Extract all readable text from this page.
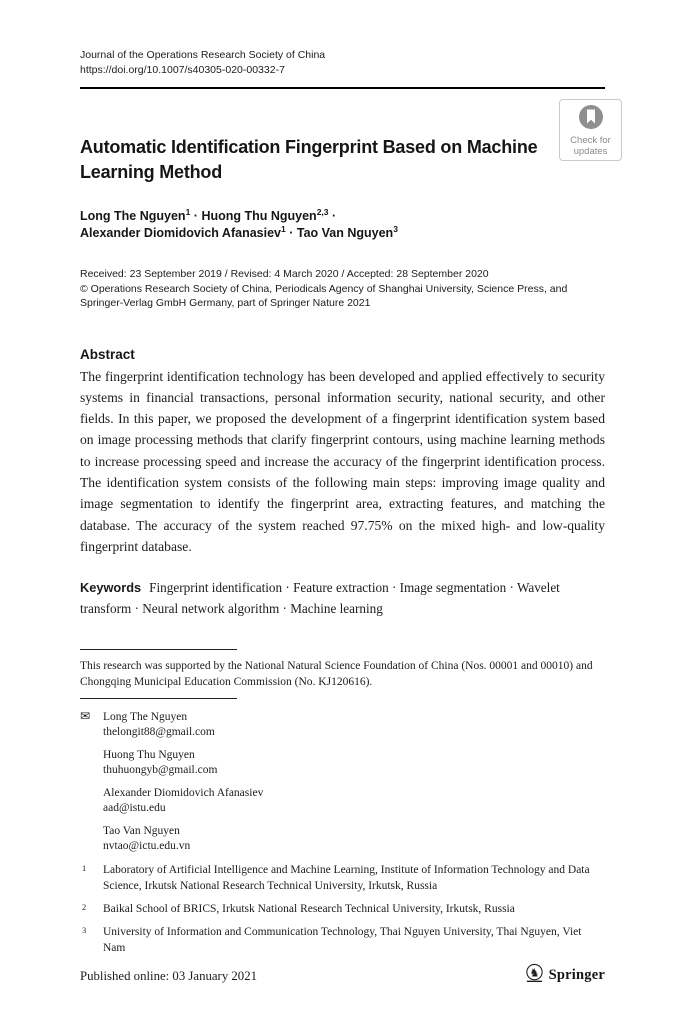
Check for
updates
Journal of the Operations Research Society of China
https://doi.org/10.1007/s40305-020-00332-7
Automatic Identification Fingerprint Based on Machine Learning Method
Long The Nguyen$^1$ · Huong Thu Nguyen$^{2,3}$ ·
Alexander Diomidovich Afanasiev$^1$ · Tao Van Nguyen$^3$
Received: 23 September 2019 / Revised: 4 March 2020 / Accepted: 28 September 2020
© Operations Research Society of China, Periodicals Agency of Shanghai University, Science Press, and Springer-Verlag GmbH Germany, part of Springer Nature 2021
Abstract

The fingerprint identification technology has been developed and applied effectively to security systems in financial transactions, personal information security, national security, and other fields. In this paper, we proposed the development of a fingerprint identification system based on image processing methods that clarify fingerprint contours, using machine learning methods to increase processing speed and increase the accuracy of the fingerprint identification process. The identification system consists of the following main steps: improving image quality and image segmentation to identify the fingerprint area, extracting features, and matching the database. The accuracy of the system reached 97.75% on the mixed high- and low-quality fingerprint database.

Keywords Fingerprint identification · Feature extraction · Image segmentation · Wavelet transform · Neural network algorithm · Machine learning
This research was supported by the National Natural Science Foundation of China (Nos. 00001 and 00010) and Chongqing Municipal Education Commission (No. KJ120616).
✉ Long The Nguyen
thelongit88@gmail.com
Huong Thu Nguyen
thuhuongyb@gmail.com
Alexander Diomidovich Afanasiev
aad@istu.edu
Tao Van Nguyen
nvtao@ictu.edu.vn
1 Laboratory of Artificial Intelligence and Machine Learning, Institute of Information Technology and Data Science, Irkutsk National Research Technical University, Irkutsk, Russia
2 Baikal School of BRICS, Irkutsk National Research Technical University, Irkutsk, Russia
3 University of Information and Communication Technology, Thai Nguyen University, Thai Nguyen, Viet Nam
Published online: 03 January 2021	♞ Springer
